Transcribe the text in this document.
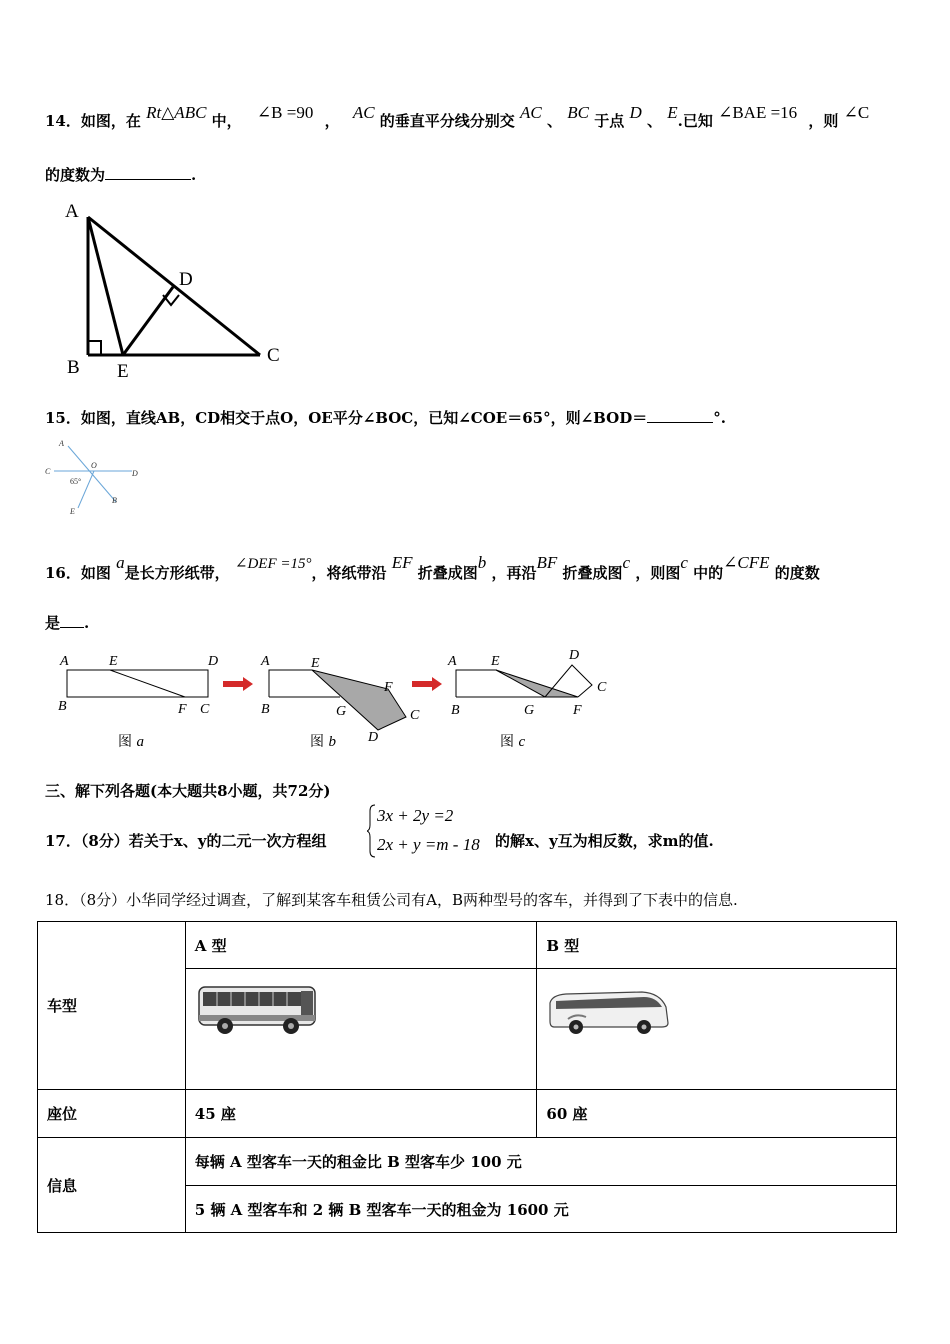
14．如图，在 Rt△ABC 中， ∠B =90 ， AC 的垂直平分线分别交 AC 、 BC 于点 D 、 E.已知 ∠BAE =16 ，则 ∠C
的度数为	.
A
B E
D
C
15．如图，直线AB，CD相交于点O，OE平分∠BOC，已知∠COE＝65°，则∠BOD＝	°.
A
C	D
O
B
E
65°
16．如图 a是长方形纸带， ∠DEF =15°，将纸带沿 EF 折叠成图b ，再沿BF 折叠成图c ，则图c 中的∠CFE 的度数
是 .
A	E	D
B	F C
A	E
F
B	G	C
D
A E	D
C
B	G	F
图 a	图 b	图 c
三、解下列各题(本大题共8小题，共72分)
17．（8分）若关于x、y的二元一次方程组
3x + 2y =2
2x + y =m - 18 的解x、y互为相反数，求m的值.
18．（8分）小华同学经过调查，了解到某客车租赁公司有A，B两种型号的客车，并得到了下表中的信息.
车型	A 型	B 型

座位	45 座	60 座
信息	每辆 A 型客车一天的租金比 B 型客车少 100 元	
	5 辆 A 型客车和 2 辆 B 型客车一天的租金为 1600 元	
